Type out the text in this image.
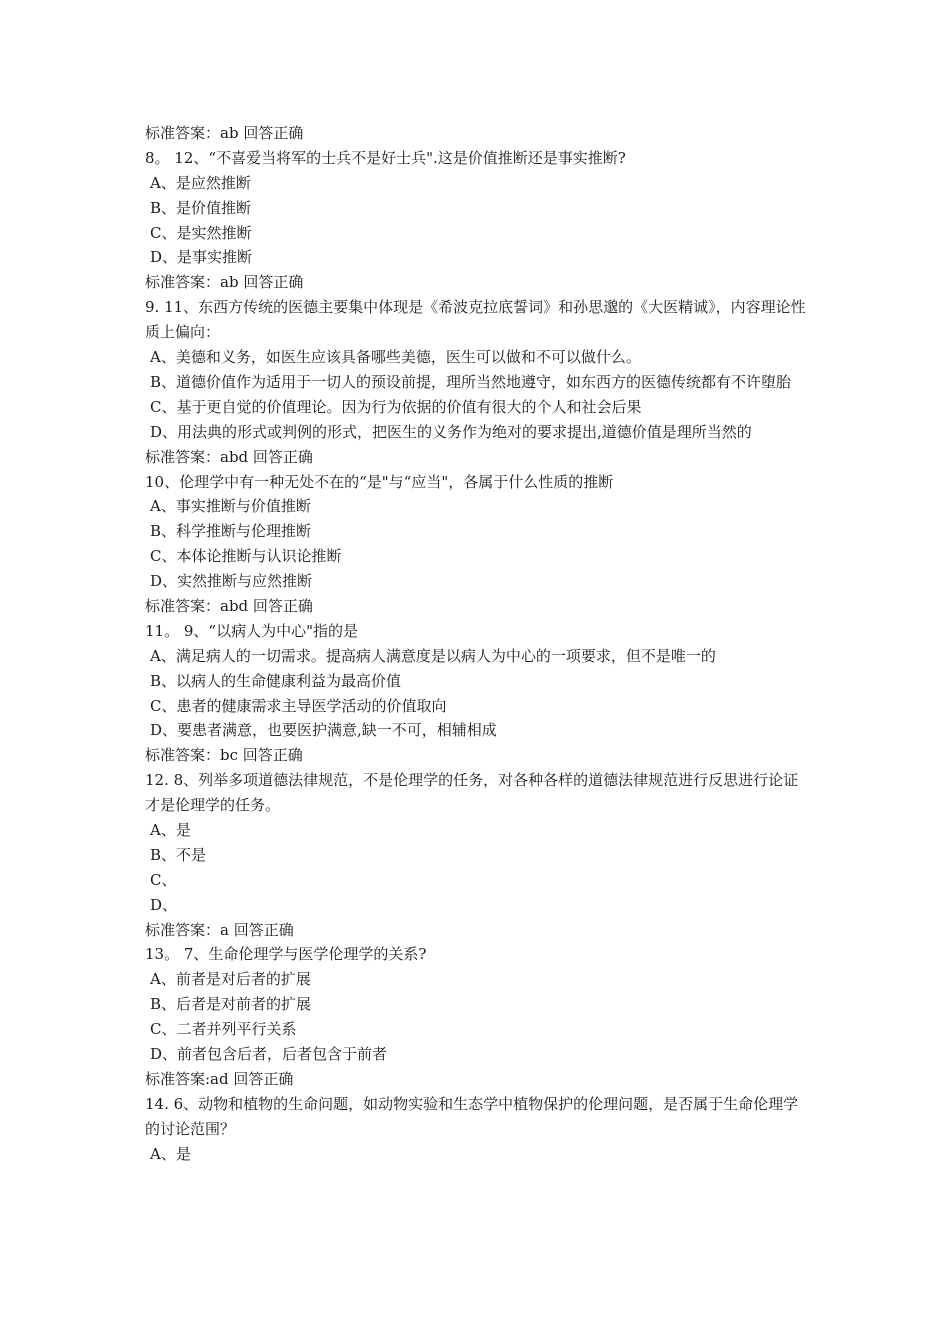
标准答案：ab 回答正确
8。 12、“不喜爱当将军的士兵不是好士兵".这是价值推断还是事实推断?
A、是应然推断
B、是价值推断
C、是实然推断
D、是事实推断
标准答案：ab 回答正确
9. 11、东西方传统的医德主要集中体现是《希波克拉底誓词》和孙思邈的《大医精诚》，内容理论性质上偏向：
A、美德和义务，如医生应该具备哪些美德，医生可以做和不可以做什么。
B、道德价值作为适用于一切人的预设前提，理所当然地遵守，如东西方的医德传统都有不许堕胎
C、基于更自觉的价值理论。因为行为依据的价值有很大的个人和社会后果
D、用法典的形式或判例的形式，把医生的义务作为绝对的要求提出,道德价值是理所当然的
标准答案：abd 回答正确
10、伦理学中有一种无处不在的“是"与“应当"，各属于什么性质的推断
A、事实推断与价值推断
B、科学推断与伦理推断
C、本体论推断与认识论推断
D、实然推断与应然推断
标准答案：abd 回答正确
11。 9、“以病人为中心"指的是
A、满足病人的一切需求。提高病人满意度是以病人为中心的一项要求，但不是唯一的
B、以病人的生命健康利益为最高价值
C、患者的健康需求主导医学活动的价值取向
D、要患者满意，也要医护满意,缺一不可，相辅相成
标准答案：bc 回答正确
12. 8、列举多项道德法律规范，不是伦理学的任务，对各种各样的道德法律规范进行反思进行论证才是伦理学的任务。
A、是
B、不是
C、
D、
标准答案：a 回答正确
13。 7、生命伦理学与医学伦理学的关系?
A、前者是对后者的扩展
B、后者是对前者的扩展
C、二者并列平行关系
D、前者包含后者，后者包含于前者
标准答案:ad 回答正确
14. 6、动物和植物的生命问题，如动物实验和生态学中植物保护的伦理问题，是否属于生命伦理学的讨论范围？
A、是
